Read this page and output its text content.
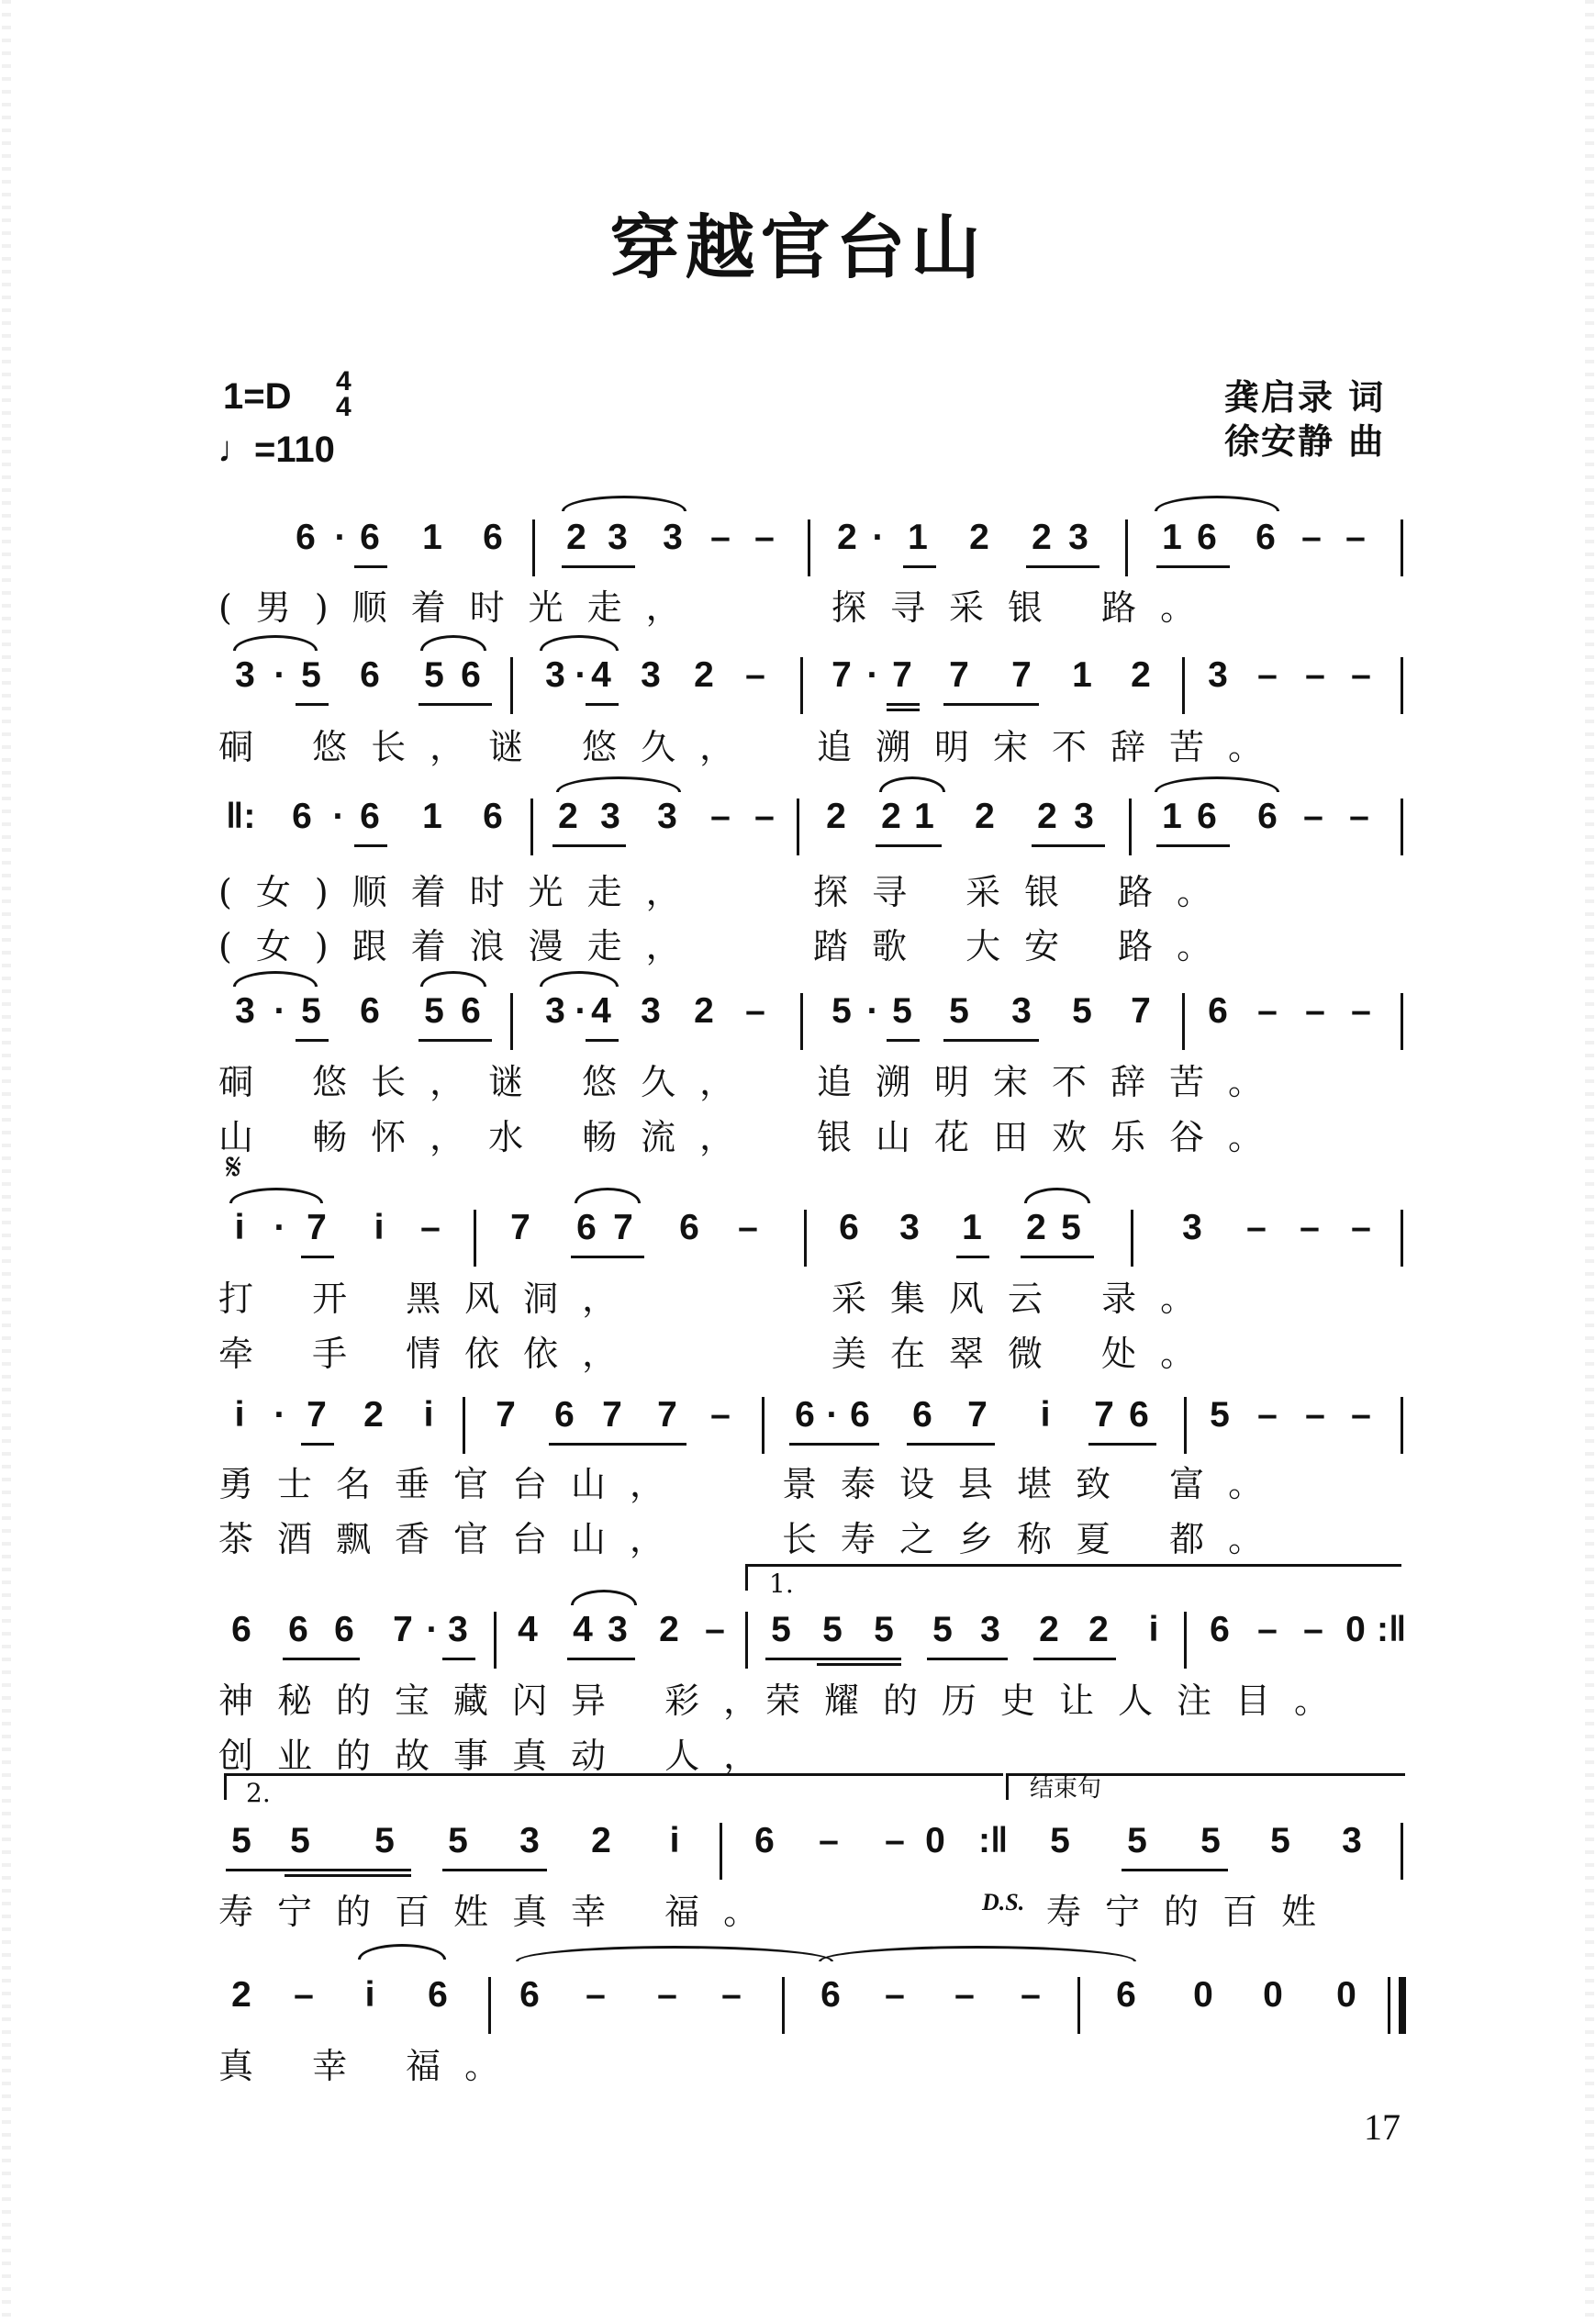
穿越官台山
1=D 4
4
♩=110
龚启录 词
徐安静 曲
6 · 6 1 6 2 3 3 – – 2 · 1 2 2 3 1 6 6 – –
(男)顺着时光走，	探寻采银 路。
3 · 5 6 5 6 3 · 4 3 2 – 7 · 7 7 7 1 2 3 – – –
硐 悠长，谜 悠久， 追溯明宋不辞苦。
‖: 6 · 6 1 6 2 3 3 – – 2 2 1 2 2 3 1 6 6 – –
(女)顺着时光走，	探寻 采银 路。
(女)跟着浪漫走，	踏歌 大安 路。
3 · 5 6 5 6 3 · 4 3 2 – 5 · 5 5 3 5 7 6 – – –
硐 悠长，谜 悠久， 追溯明宋不辞苦。
山 畅怀，水 畅流， 银山花田欢乐谷。
𝄋
i · 7 i – 7 6 7 6 – 6 3 1 2 5	3 – – –
打 开 黑风洞，	采集风云 录。
牵 手 情依依，	美在翠微 处。
i · 7 2 i 7 6 7 7 – 6 · 6 6 7 i 7 6 5 – – –
勇士名垂官台山，	景泰设县堪致 富。
茶酒飘香官台山，	长寿之乡称夏 都。
1.
6 6 6 7 · 3 4 4 3 2 – 5 5 5 5 3 2 2 i 6 – – 0 :‖
神秘的宝藏闪异 彩，
荣耀的历史让人注目。
创业的故事真动 人，
2.	结束句
5 5 5 5 3 2 i 6 – – 0 :‖ 5 5 5 5 3
寿宁的百姓真幸 福。	D.S. 寿宁的百姓
2 – i 6 6 – – – 6 – – – 6 0 0 0
真 幸 福。
17
